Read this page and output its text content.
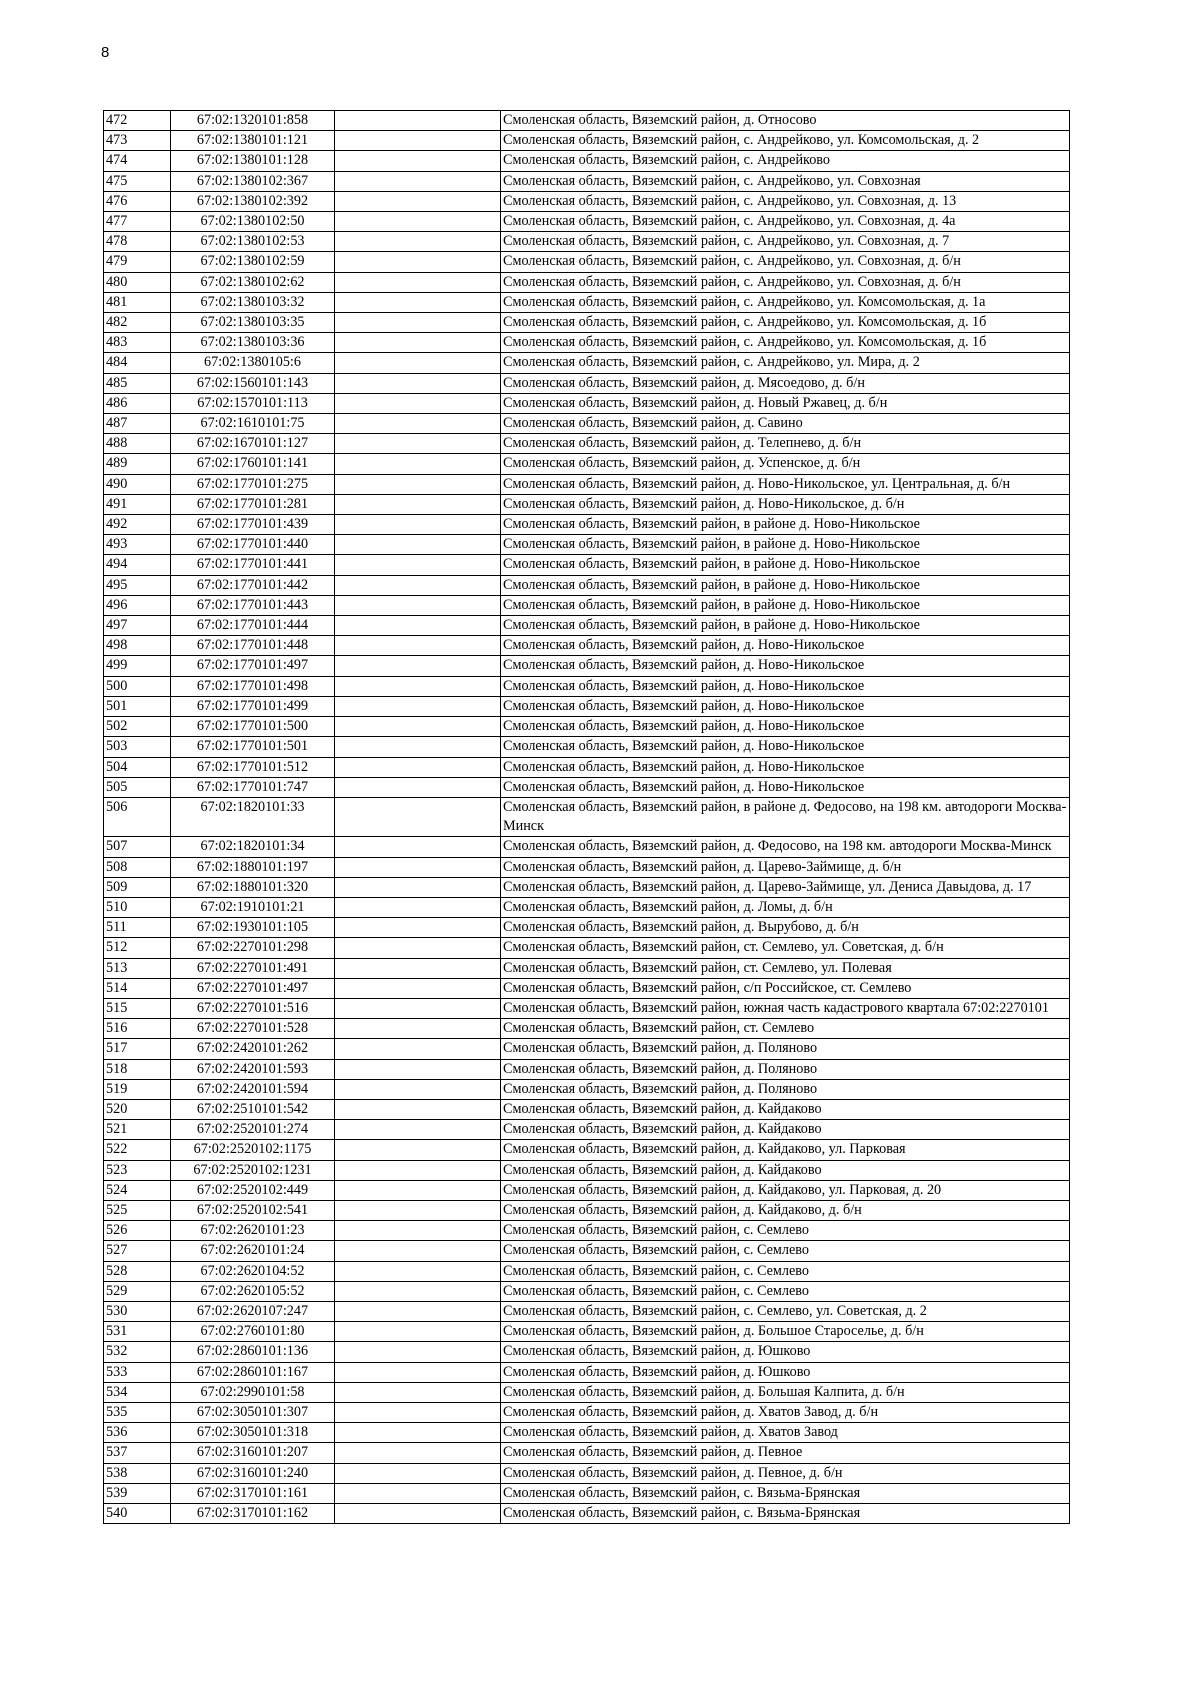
8
472	67:02:1320101:858		Смоленская область, Вяземский район, д. Относово
473	67:02:1380101:121		Смоленская область, Вяземский район, с. Андрейково, ул. Комсомольская, д. 2
474	67:02:1380101:128		Смоленская область, Вяземский район, с. Андрейково
475	67:02:1380102:367		Смоленская область, Вяземский район, с. Андрейково, ул. Совхозная
476	67:02:1380102:392		Смоленская область, Вяземский район, с. Андрейково, ул. Совхозная, д. 13
477	67:02:1380102:50		Смоленская область, Вяземский район, с. Андрейково, ул. Совхозная, д. 4а
478	67:02:1380102:53		Смоленская область, Вяземский район, с. Андрейково, ул. Совхозная, д. 7
479	67:02:1380102:59		Смоленская область, Вяземский район, с. Андрейково, ул. Совхозная, д. б/н
480	67:02:1380102:62		Смоленская область, Вяземский район, с. Андрейково, ул. Совхозная, д. б/н
481	67:02:1380103:32		Смоленская область, Вяземский район, с. Андрейково, ул. Комсомольская, д. 1а
482	67:02:1380103:35		Смоленская область, Вяземский район, с. Андрейково, ул. Комсомольская, д. 1б
483	67:02:1380103:36		Смоленская область, Вяземский район, с. Андрейково, ул. Комсомольская, д. 1б
484	67:02:1380105:6		Смоленская область, Вяземский район, с. Андрейково, ул. Мира, д. 2
485	67:02:1560101:143		Смоленская область, Вяземский район, д. Мясоедово, д. б/н
486	67:02:1570101:113		Смоленская область, Вяземский район, д. Новый Ржавец, д. б/н
487	67:02:1610101:75		Смоленская область, Вяземский район, д. Савино
488	67:02:1670101:127		Смоленская область, Вяземский район, д. Телепнево, д. б/н
489	67:02:1760101:141		Смоленская область, Вяземский район, д. Успенское, д. б/н
490	67:02:1770101:275		Смоленская область, Вяземский район, д. Ново-Никольское, ул. Центральная, д. б/н
491	67:02:1770101:281		Смоленская область, Вяземский район, д. Ново-Никольское, д. б/н
492	67:02:1770101:439		Смоленская область, Вяземский район, в районе д. Ново-Никольское
493	67:02:1770101:440		Смоленская область, Вяземский район, в районе д. Ново-Никольское
494	67:02:1770101:441		Смоленская область, Вяземский район, в районе д. Ново-Никольское
495	67:02:1770101:442		Смоленская область, Вяземский район, в районе д. Ново-Никольское
496	67:02:1770101:443		Смоленская область, Вяземский район, в районе д. Ново-Никольское
497	67:02:1770101:444		Смоленская область, Вяземский район, в районе д. Ново-Никольское
498	67:02:1770101:448		Смоленская область, Вяземский район, д. Ново-Никольское
499	67:02:1770101:497		Смоленская область, Вяземский район, д. Ново-Никольское
500	67:02:1770101:498		Смоленская область, Вяземский район, д. Ново-Никольское
501	67:02:1770101:499		Смоленская область, Вяземский район, д. Ново-Никольское
502	67:02:1770101:500		Смоленская область, Вяземский район, д. Ново-Никольское
503	67:02:1770101:501		Смоленская область, Вяземский район, д. Ново-Никольское
504	67:02:1770101:512		Смоленская область, Вяземский район, д. Ново-Никольское
505	67:02:1770101:747		Смоленская область, Вяземский район, д. Ново-Никольское
506	67:02:1820101:33		Смоленская область, Вяземский район, в районе д. Федосово, на 198 км. автодороги Москва-Минск
507	67:02:1820101:34		Смоленская область, Вяземский район, д. Федосово, на 198 км. автодороги Москва-Минск
508	67:02:1880101:197		Смоленская область, Вяземский район, д. Царево-Займище, д. б/н
509	67:02:1880101:320		Смоленская область, Вяземский район, д. Царево-Займище, ул. Дениса Давыдова, д. 17
510	67:02:1910101:21		Смоленская область, Вяземский район, д. Ломы, д. б/н
511	67:02:1930101:105		Смоленская область, Вяземский район, д. Вырубово, д. б/н
512	67:02:2270101:298		Смоленская область, Вяземский район, ст. Семлево, ул. Советская, д. б/н
513	67:02:2270101:491		Смоленская область, Вяземский район, ст. Семлево, ул. Полевая
514	67:02:2270101:497		Смоленская область, Вяземский район, с/п Российское, ст. Семлево
515	67:02:2270101:516		Смоленская область, Вяземский район, южная часть кадастрового квартала 67:02:2270101
516	67:02:2270101:528		Смоленская область, Вяземский район, ст. Семлево
517	67:02:2420101:262		Смоленская область, Вяземский район, д. Поляново
518	67:02:2420101:593		Смоленская область, Вяземский район, д. Поляново
519	67:02:2420101:594		Смоленская область, Вяземский район, д. Поляново
520	67:02:2510101:542		Смоленская область, Вяземский район, д. Кайдаково
521	67:02:2520101:274		Смоленская область, Вяземский район, д. Кайдаково
522	67:02:2520102:1175		Смоленская область, Вяземский район, д. Кайдаково, ул. Парковая
523	67:02:2520102:1231		Смоленская область, Вяземский район, д. Кайдаково
524	67:02:2520102:449		Смоленская область, Вяземский район, д. Кайдаково, ул. Парковая, д. 20
525	67:02:2520102:541		Смоленская область, Вяземский район, д. Кайдаково, д. б/н
526	67:02:2620101:23		Смоленская область, Вяземский район, с. Семлево
527	67:02:2620101:24		Смоленская область, Вяземский район, с. Семлево
528	67:02:2620104:52		Смоленская область, Вяземский район, с. Семлево
529	67:02:2620105:52		Смоленская область, Вяземский район, с. Семлево
530	67:02:2620107:247		Смоленская область, Вяземский район, с. Семлево, ул. Советская, д. 2
531	67:02:2760101:80		Смоленская область, Вяземский район, д. Большое Староселье, д. б/н
532	67:02:2860101:136		Смоленская область, Вяземский район, д. Юшково
533	67:02:2860101:167		Смоленская область, Вяземский район, д. Юшково
534	67:02:2990101:58		Смоленская область, Вяземский район, д. Большая Калпита, д. б/н
535	67:02:3050101:307		Смоленская область, Вяземский район, д. Хватов Завод, д. б/н
536	67:02:3050101:318		Смоленская область, Вяземский район, д. Хватов Завод
537	67:02:3160101:207		Смоленская область, Вяземский район, д. Певное
538	67:02:3160101:240		Смоленская область, Вяземский район, д. Певное, д. б/н
539	67:02:3170101:161		Смоленская область, Вяземский район, с. Вязьма-Брянская
540	67:02:3170101:162		Смоленская область, Вяземский район, с. Вязьма-Брянская
